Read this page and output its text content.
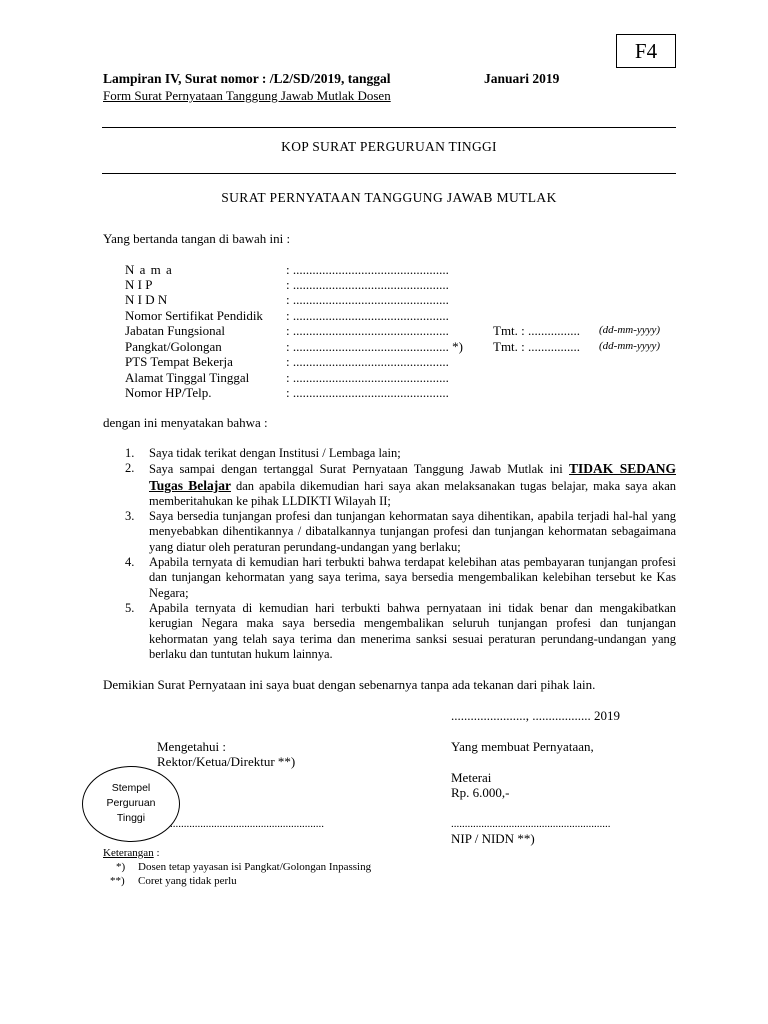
F4
Lampiran IV, Surat nomor : /L2/SD/2019, tanggal	Januari 2019
Form Surat Pernyataan Tanggung Jawab Mutlak Dosen
KOP SURAT PERGURUAN TINGGI
SURAT PERNYATAAN TANGGUNG JAWAB MUTLAK
Yang bertanda tangan di bawah ini :
N a m a	: ................................................
N I P	: ................................................
N I D N	: ................................................
Nomor Sertifikat Pendidik : ................................................
Jabatan Fungsional	: ................................................	Tmt. : ................ (dd-mm-yyyy)
Pangkat/Golongan	: ................................................ *) Tmt. : ................ (dd-mm-yyyy)
PTS Tempat Bekerja	: ................................................
Alamat Tinggal Tinggal	: ................................................
Nomor HP/Telp.	: ................................................
dengan ini menyatakan bahwa :
1. Saya tidak terikat dengan Institusi / Lembaga lain;
2. Saya sampai dengan tertanggal Surat Pernyataan Tanggung Jawab Mutlak ini TIDAK SEDANG Tugas Belajar dan apabila dikemudian hari saya akan melaksanakan tugas belajar, maka saya akan memberitahukan ke pihak LLDIKTI Wilayah II;
3. Saya bersedia tunjangan profesi dan tunjangan kehormatan saya dihentikan, apabila terjadi hal-hal yang menyebabkan dihentikannya / dibatalkannya tunjangan profesi dan tunjangan kehormatan sebagaimana yang diatur oleh peraturan perundang-undangan yang berlaku;
4. Apabila ternyata di kemudian hari terbukti bahwa terdapat kelebihan atas pembayaran tunjangan profesi dan tunjangan kehormatan yang saya terima, saya bersedia mengembalikan kelebihan tersebut ke Kas Negara;
5. Apabila ternyata di kemudian hari terbukti bahwa pernyataan ini tidak benar dan mengakibatkan kerugian Negara maka saya bersedia mengembalikan seluruh tunjangan profesi dan tunjangan kehormatan yang telah saya terima dan menerima sanksi sesuai peraturan perundang-undangan yang berlaku dan tuntutan hukum lainnya.
Demikian Surat Pernyataan ini saya buat dengan sebenarnya tanpa ada tekanan dari pihak lain.
......................., .................. 2019
Mengetahui :
Rektor/Ketua/Direktur **)
Yang membuat Pernyataan,
Meterai
Rp. 6.000,-
Stempel
Perguruan
Tinggi	........................................................	..........................................................
NIP / NIDN **)
Keterangan :
*) Dosen tetap yayasan isi Pangkat/Golongan Inpassing
**) Coret yang tidak perlu
